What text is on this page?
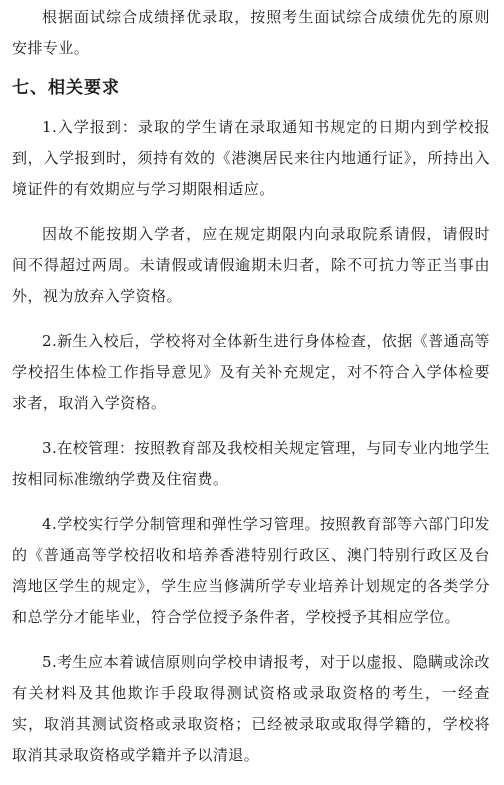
根据面试综合成绩择优录取，按照考生面试综合成绩优先的原则安排专业。

七、相关要求

1.入学报到：录取的学生请在录取通知书规定的日期内到学校报到，入学报到时，须持有效的《港澳居民来往内地通行证》，所持出入境证件的有效期应与学习期限相适应。

因故不能按期入学者，应在规定期限内向录取院系请假，请假时间不得超过两周。未请假或请假逾期未归者，除不可抗力等正当事由外，视为放弃入学资格。

2.新生入校后，学校将对全体新生进行身体检查，依据《普通高等学校招生体检工作指导意见》及有关补充规定，对不符合入学体检要求者，取消入学资格。

3.在校管理：按照教育部及我校相关规定管理，与同专业内地学生按相同标准缴纳学费及住宿费。

4.学校实行学分制管理和弹性学习管理。按照教育部等六部门印发的《普通高等学校招收和培养香港特别行政区、澳门特别行政区及台湾地区学生的规定》，学生应当修满所学专业培养计划规定的各类学分和总学分才能毕业，符合学位授予条件者，学校授予其相应学位。

5.考生应本着诚信原则向学校申请报考，对于以虚报、隐瞒或涂改有关材料及其他欺诈手段取得测试资格或录取资格的考生，一经查实，取消其测试资格或录取资格；已经被录取或取得学籍的，学校将取消其录取资格或学籍并予以清退。
